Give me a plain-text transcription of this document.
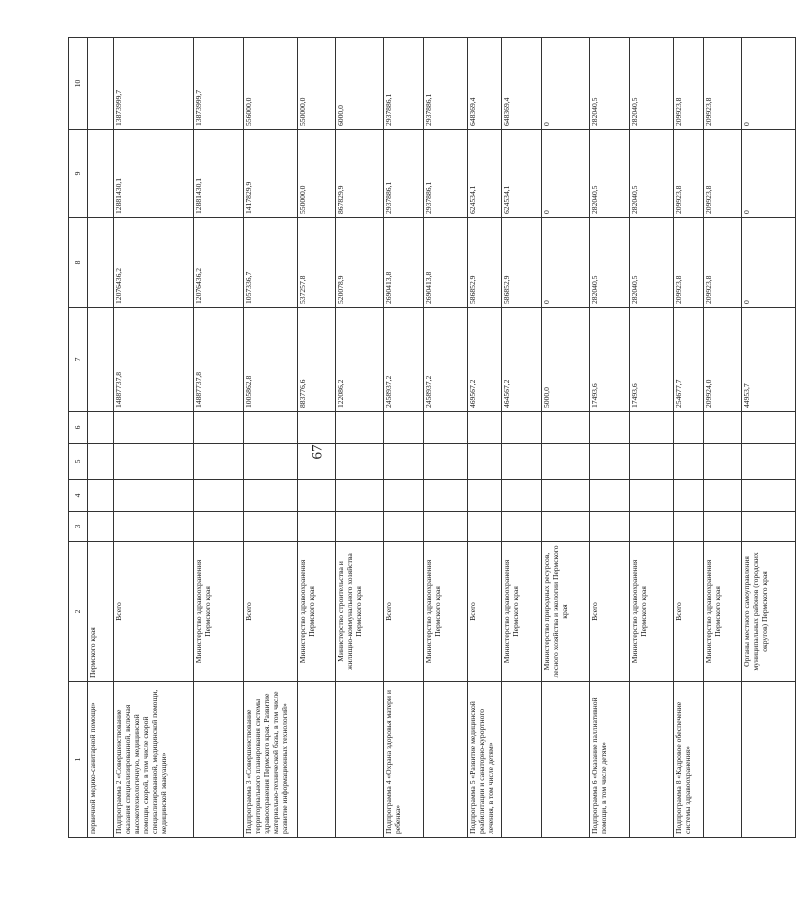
67
1	2	3	4	5	6	7	8	9	10
первичной медико-санитарной помощи»	Пермского края								
Подпрограмма 2 «Совершенствование оказания специализированной, включая высокотехнологичную, медицинской помощи, скорой, в том числе скорой специализированной, медицинской помощи, медицинской эвакуации»	Всего					14887737,8	12076436,2	12881430,1	13873999,7

	Министерство здравоохранения Пермского края					14887737,8	12076436,2	12881430,1	13873999,7

Подпрограмма 3 «Совершенствование территориального планирования системы здравоохранения Пермского края. Развитие материально-технической базы, в том числе развитие информационных технологий»	Всего					1005862,8	1057336,7	1417829,9	556000,0

	Министерство здравоохранения Пермского края					883776,6	537257,8	550000,0	550000,0

	Министерство строительства и жилищно-коммунального хозяйства Пермского края					122086,2	520078,9	867829,9	6000,0

Подпрограмма 4 «Охрана здоровья матери и ребенка»	Всего					2458937,2	2690413,8	2937886,1	2937886,1

	Министерство здравоохранения Пермского края					2458937,2	2690413,8	2937886,1	2937886,1

Подпрограмма 5 «Развитие медицинской реабилитации и санаторно-курортного лечения, в том числе детям»	Всего					469567,2	586852,9	624534,1	648369,4

	Министерство здравоохранения Пермского края					464567,2	586852,9	624534,1	648369,4

	Министерство природных ресурсов, лесного хозяйства и экологии Пермского края					5000,0	0	0	0

Подпрограмма 6 «Оказание паллиативной помощи, в том числе детям»	Всего					17493,6	282040,5	282040,5	282040,5

	Министерство здравоохранения Пермского края					17493,6	282040,5	282040,5	282040,5

Подпрограмма 8 «Кадровое обеспечение системы здравоохранения»	Всего					254677,7	209923,8	209923,8	209923,8

	Министерство здравоохранения Пермского края					209924,0	209923,8	209923,8	209923,8

	Органы местного самоуправления муниципальных районов (городских округов) Пермского края					44953,7	0	0	0
